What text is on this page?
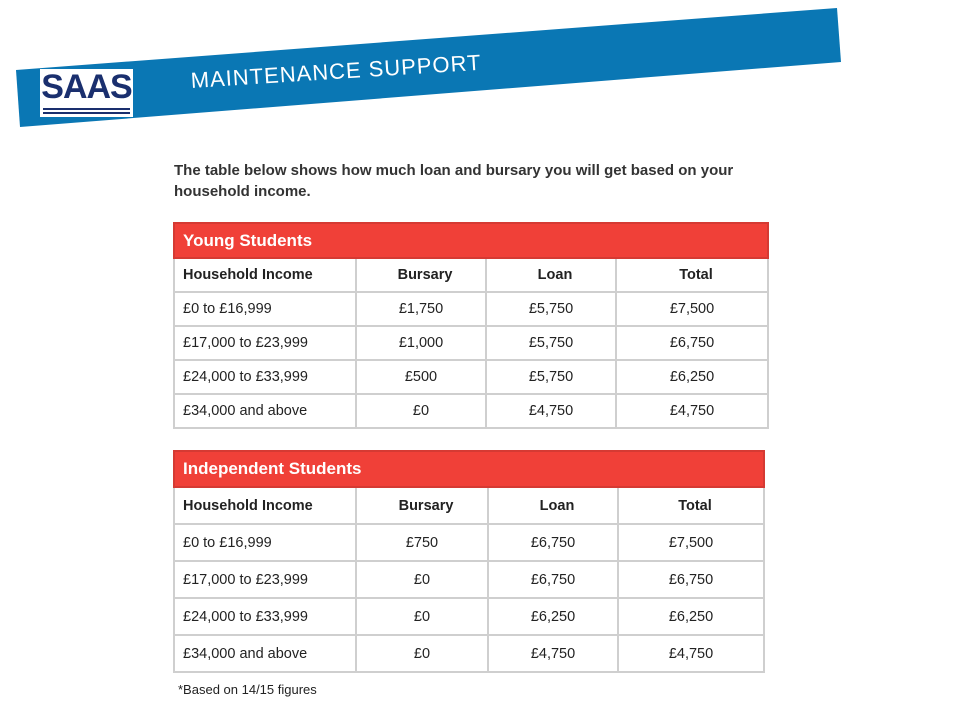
SAAS	MAINTENANCE SUPPORT
The table below shows how much loan and bursary you will get based on your household income.
Young Students			
Household Income	Bursary	Loan	Total
£0 to £16,999	£1,750	£5,750	£7,500
£17,000 to £23,999	£1,000	£5,750	£6,750
£24,000 to £33,999	£500	£5,750	£6,250
£34,000 and above	£0	£4,750	£4,750
Independent Students			
Household Income	Bursary	Loan	Total
£0 to £16,999	£750	£6,750	£7,500
£17,000 to £23,999	£0	£6,750	£6,750
£24,000 to £33,999	£0	£6,250	£6,250
£34,000 and above	£0	£4,750	£4,750
*Based on 14/15 figures
